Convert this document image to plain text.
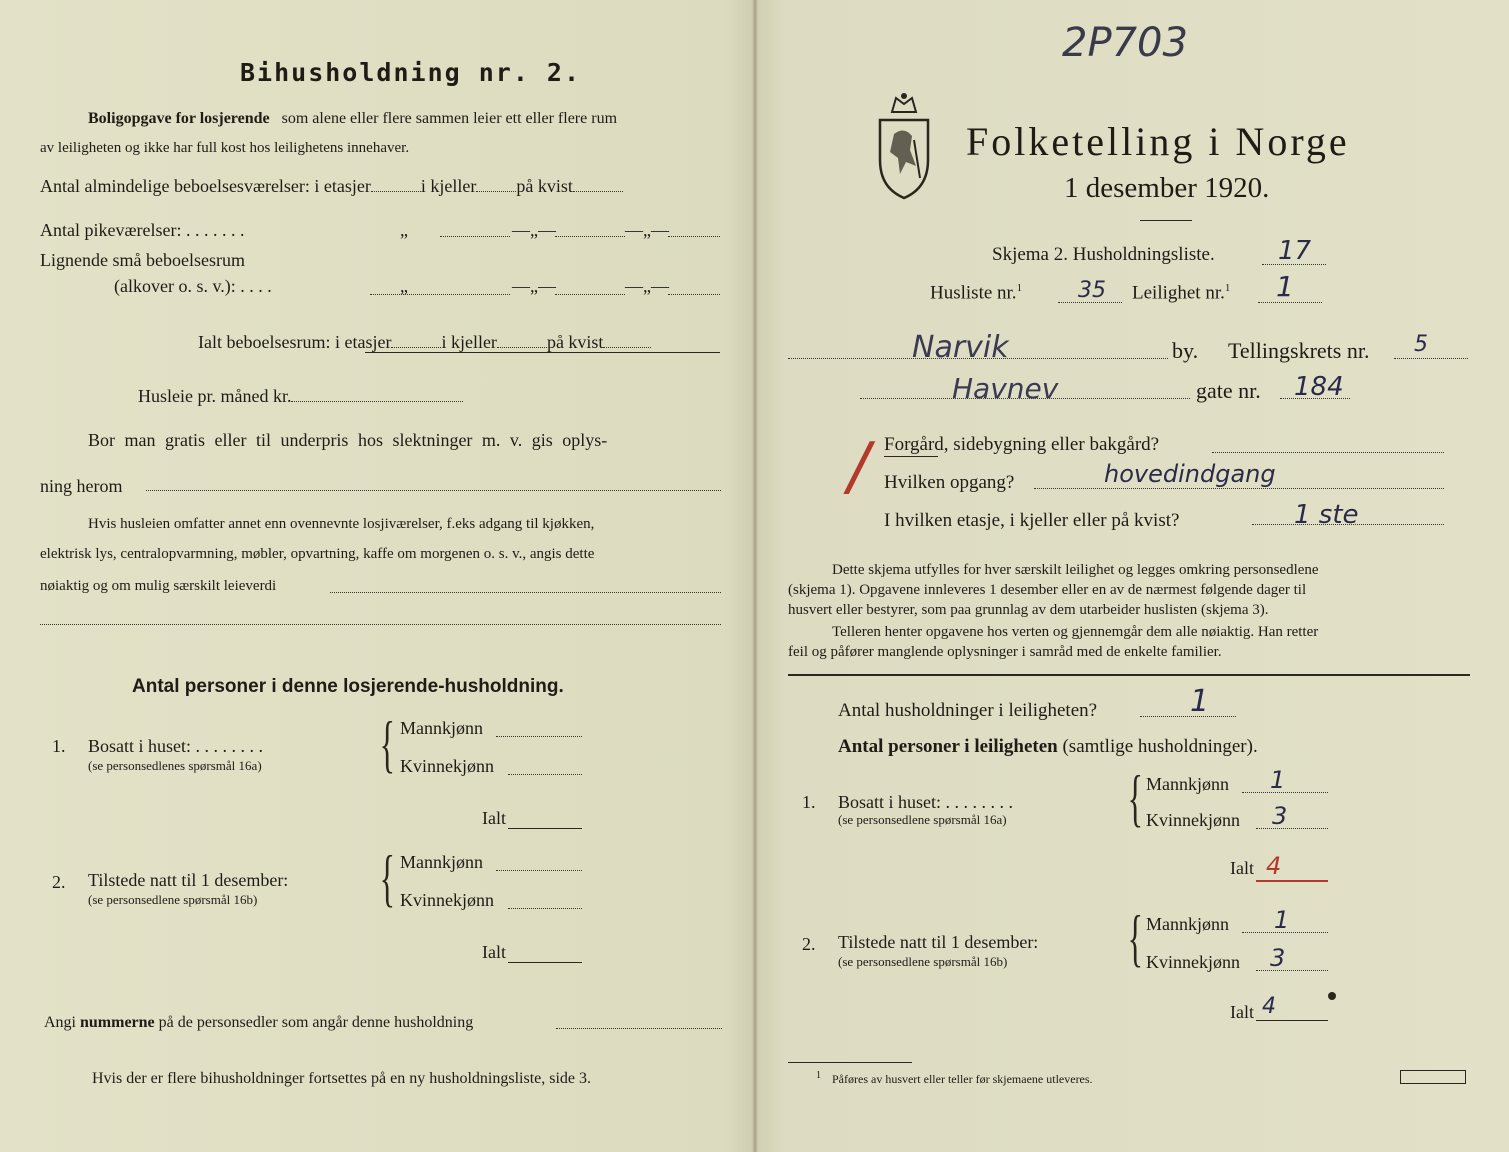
Bihusholdning nr. 2.
Boligopgave for losjerende som alene eller flere sammen leier ett eller flere rum
av leiligheten og ikke har full kost hos leilighetens innehaver.
Antal almindelige beboelsesværelser: i etasjer	i kjeller på kvist
Antal pikeværelser: . . . . . . .	„	—„—	—„—
Lignende små beboelsesrum
(alkover o. s. v.): . . . .	„	—„—	—„—
Ialt beboelsesrum: i etasjer	i kjeller	på kvist
Husleie pr. måned kr.
Bor man gratis eller til underpris hos slektninger m. v. gis oplys-
ning herom
Hvis husleien omfatter annet enn ovennevnte losjiværelser, f.eks adgang til kjøkken,
elektrisk lys, centralopvarmning, møbler, opvartning, kaffe om morgenen o. s. v., angis dette
nøiaktig og om mulig særskilt leieverdi
Antal personer i denne losjerende-husholdning.
1. Bosatt i huset: . . . . . . . .
(se personsedlenes spørsmål 16a) { Mannkjønn
Kvinnekjønn
Ialt
2. Tilstede natt til 1 desember:
(se personsedlene spørsmål 16b) { Mannkjønn
Kvinnekjønn
Ialt
Angi nummerne på de personsedler som angår denne husholdning
Hvis der er flere bihusholdninger fortsettes på en ny husholdningsliste, side 3.
2P703
Folketelling i Norge
1 desember 1920.
Skjema 2. Husholdningsliste. 17
Husliste nr.$^1$	35 Leilighet nr.$^1$ 1
Narvik	by. Tellingskrets nr. 5
Havnev	gate nr. 184
/ Forgård, sidebygning eller bakgård?
Hvilken opgang?	hovedindgang
I hvilken etasje, i kjeller eller på kvist?	1 ste
Dette skjema utfylles for hver særskilt leilighet og legges omkring personsedlene
(skjema 1). Opgavene innleveres 1 desember eller en av de nærmest følgende dager til
husvert eller bestyrer, som paa grunnlag av dem utarbeider huslisten (skjema 3).
Telleren henter opgavene hos verten og gjennemgår dem alle nøiaktig. Han retter
feil og påfører manglende oplysninger i samråd med de enkelte familier.
Antal husholdninger i leiligheten?	1
Antal personer i leiligheten (samtlige husholdninger).
1. Bosatt i huset: . . . . . . . .
(se personsedlene spørsmål 16a) { Mannkjønn 1
Kvinnekjønn 3
Ialt 4
2. Tilstede natt til 1 desember:
(se personsedlene spørsmål 16b) { Mannkjønn 1
Kvinnekjønn 3
Ialt 4
$^1$ Påføres av husvert eller teller før skjemaene utleveres.
